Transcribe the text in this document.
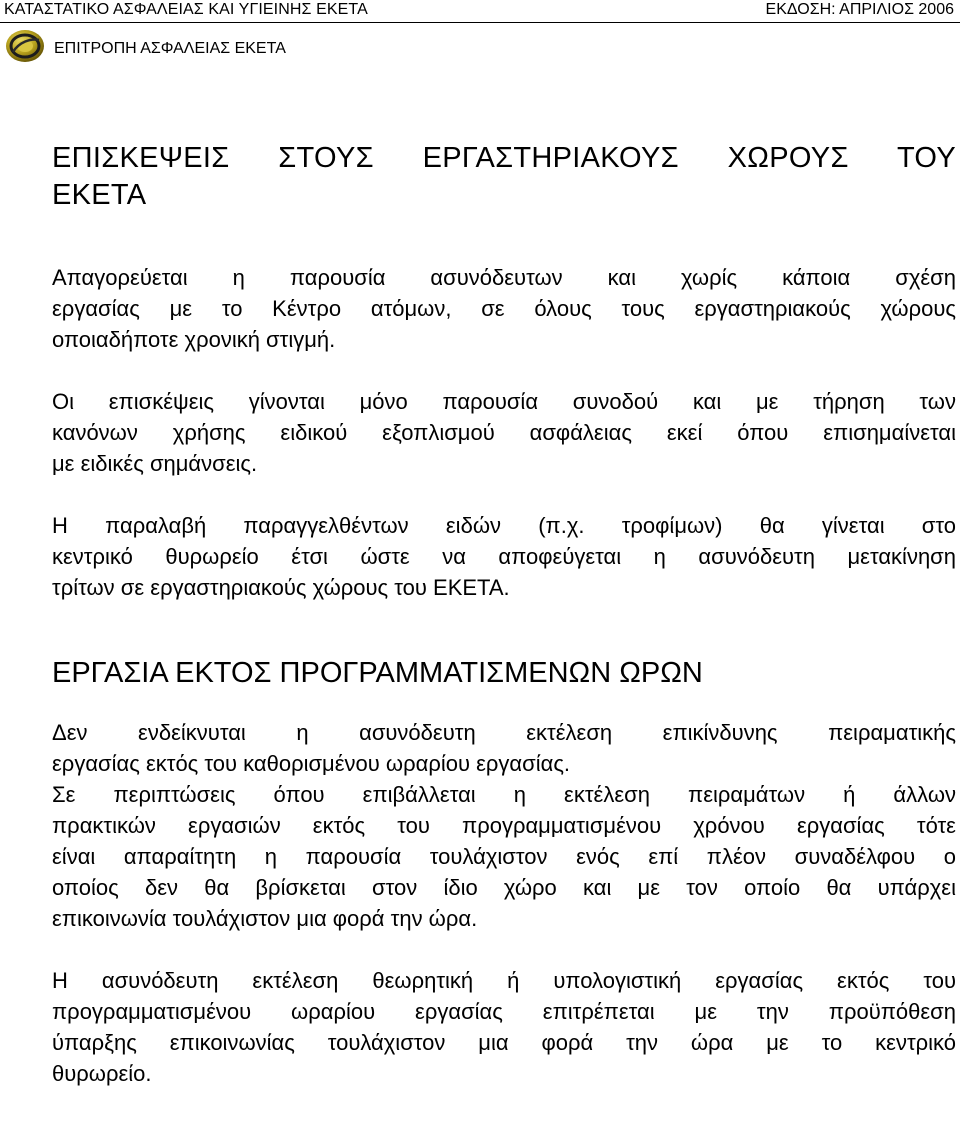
ΚΑΤΑΣΤΑΤΙΚΟ ΑΣΦΑΛΕΙΑΣ ΚΑΙ ΥΓΙΕΙΝΗΣ ΕΚΕΤΑ	ΕΚΔΟΣΗ: ΑΠΡΙΛΙΟΣ 2006
ΕΠΙΤΡΟΠΗ ΑΣΦΑΛΕΙΑΣ ΕΚΕΤΑ
ΕΠΙΣΚΕΨΕΙΣ ΣΤΟΥΣ ΕΡΓΑΣΤΗΡΙΑΚΟΥΣ ΧΩΡΟΥΣ ΤΟΥ
ΕΚΕΤΑ

Απαγορεύεται η παρουσία ασυνόδευτων και χωρίς κάποια σχέση
εργασίας με το Κέντρο ατόμων, σε όλους τους εργαστηριακούς χώρους
οποιαδήποτε χρονική στιγμή.

Οι επισκέψεις γίνονται μόνο παρουσία συνοδού και με τήρηση των
κανόνων χρήσης ειδικού εξοπλισμού ασφάλειας εκεί όπου επισημαίνεται
με ειδικές σημάνσεις.

Η παραλαβή παραγγελθέντων ειδών (π.χ. τροφίμων) θα γίνεται στο
κεντρικό θυρωρείο έτσι ώστε να αποφεύγεται η ασυνόδευτη μετακίνηση
τρίτων σε εργαστηριακούς χώρους του ΕΚΕΤΑ.

ΕΡΓΑΣΙΑ ΕΚΤΟΣ ΠΡΟΓΡΑΜΜΑΤΙΣΜΕΝΩΝ ΩΡΩΝ

Δεν ενδείκνυται η ασυνόδευτη εκτέλεση επικίνδυνης πειραματικής
εργασίας εκτός του καθορισμένου ωραρίου εργασίας.

Σε περιπτώσεις όπου επιβάλλεται η εκτέλεση πειραμάτων ή άλλων
πρακτικών εργασιών εκτός του προγραμματισμένου χρόνου εργασίας τότε
είναι απαραίτητη η παρουσία τουλάχιστον ενός επί πλέον συναδέλφου ο
οποίος δεν θα βρίσκεται στον ίδιο χώρο και με τον οποίο θα υπάρχει
επικοινωνία τουλάχιστον μια φορά την ώρα.

Η ασυνόδευτη εκτέλεση θεωρητική ή υπολογιστική εργασίας εκτός του
προγραμματισμένου ωραρίου εργασίας επιτρέπεται με την προϋπόθεση
ύπαρξης επικοινωνίας τουλάχιστον μια φορά την ώρα με το κεντρικό
θυρωρείο.
